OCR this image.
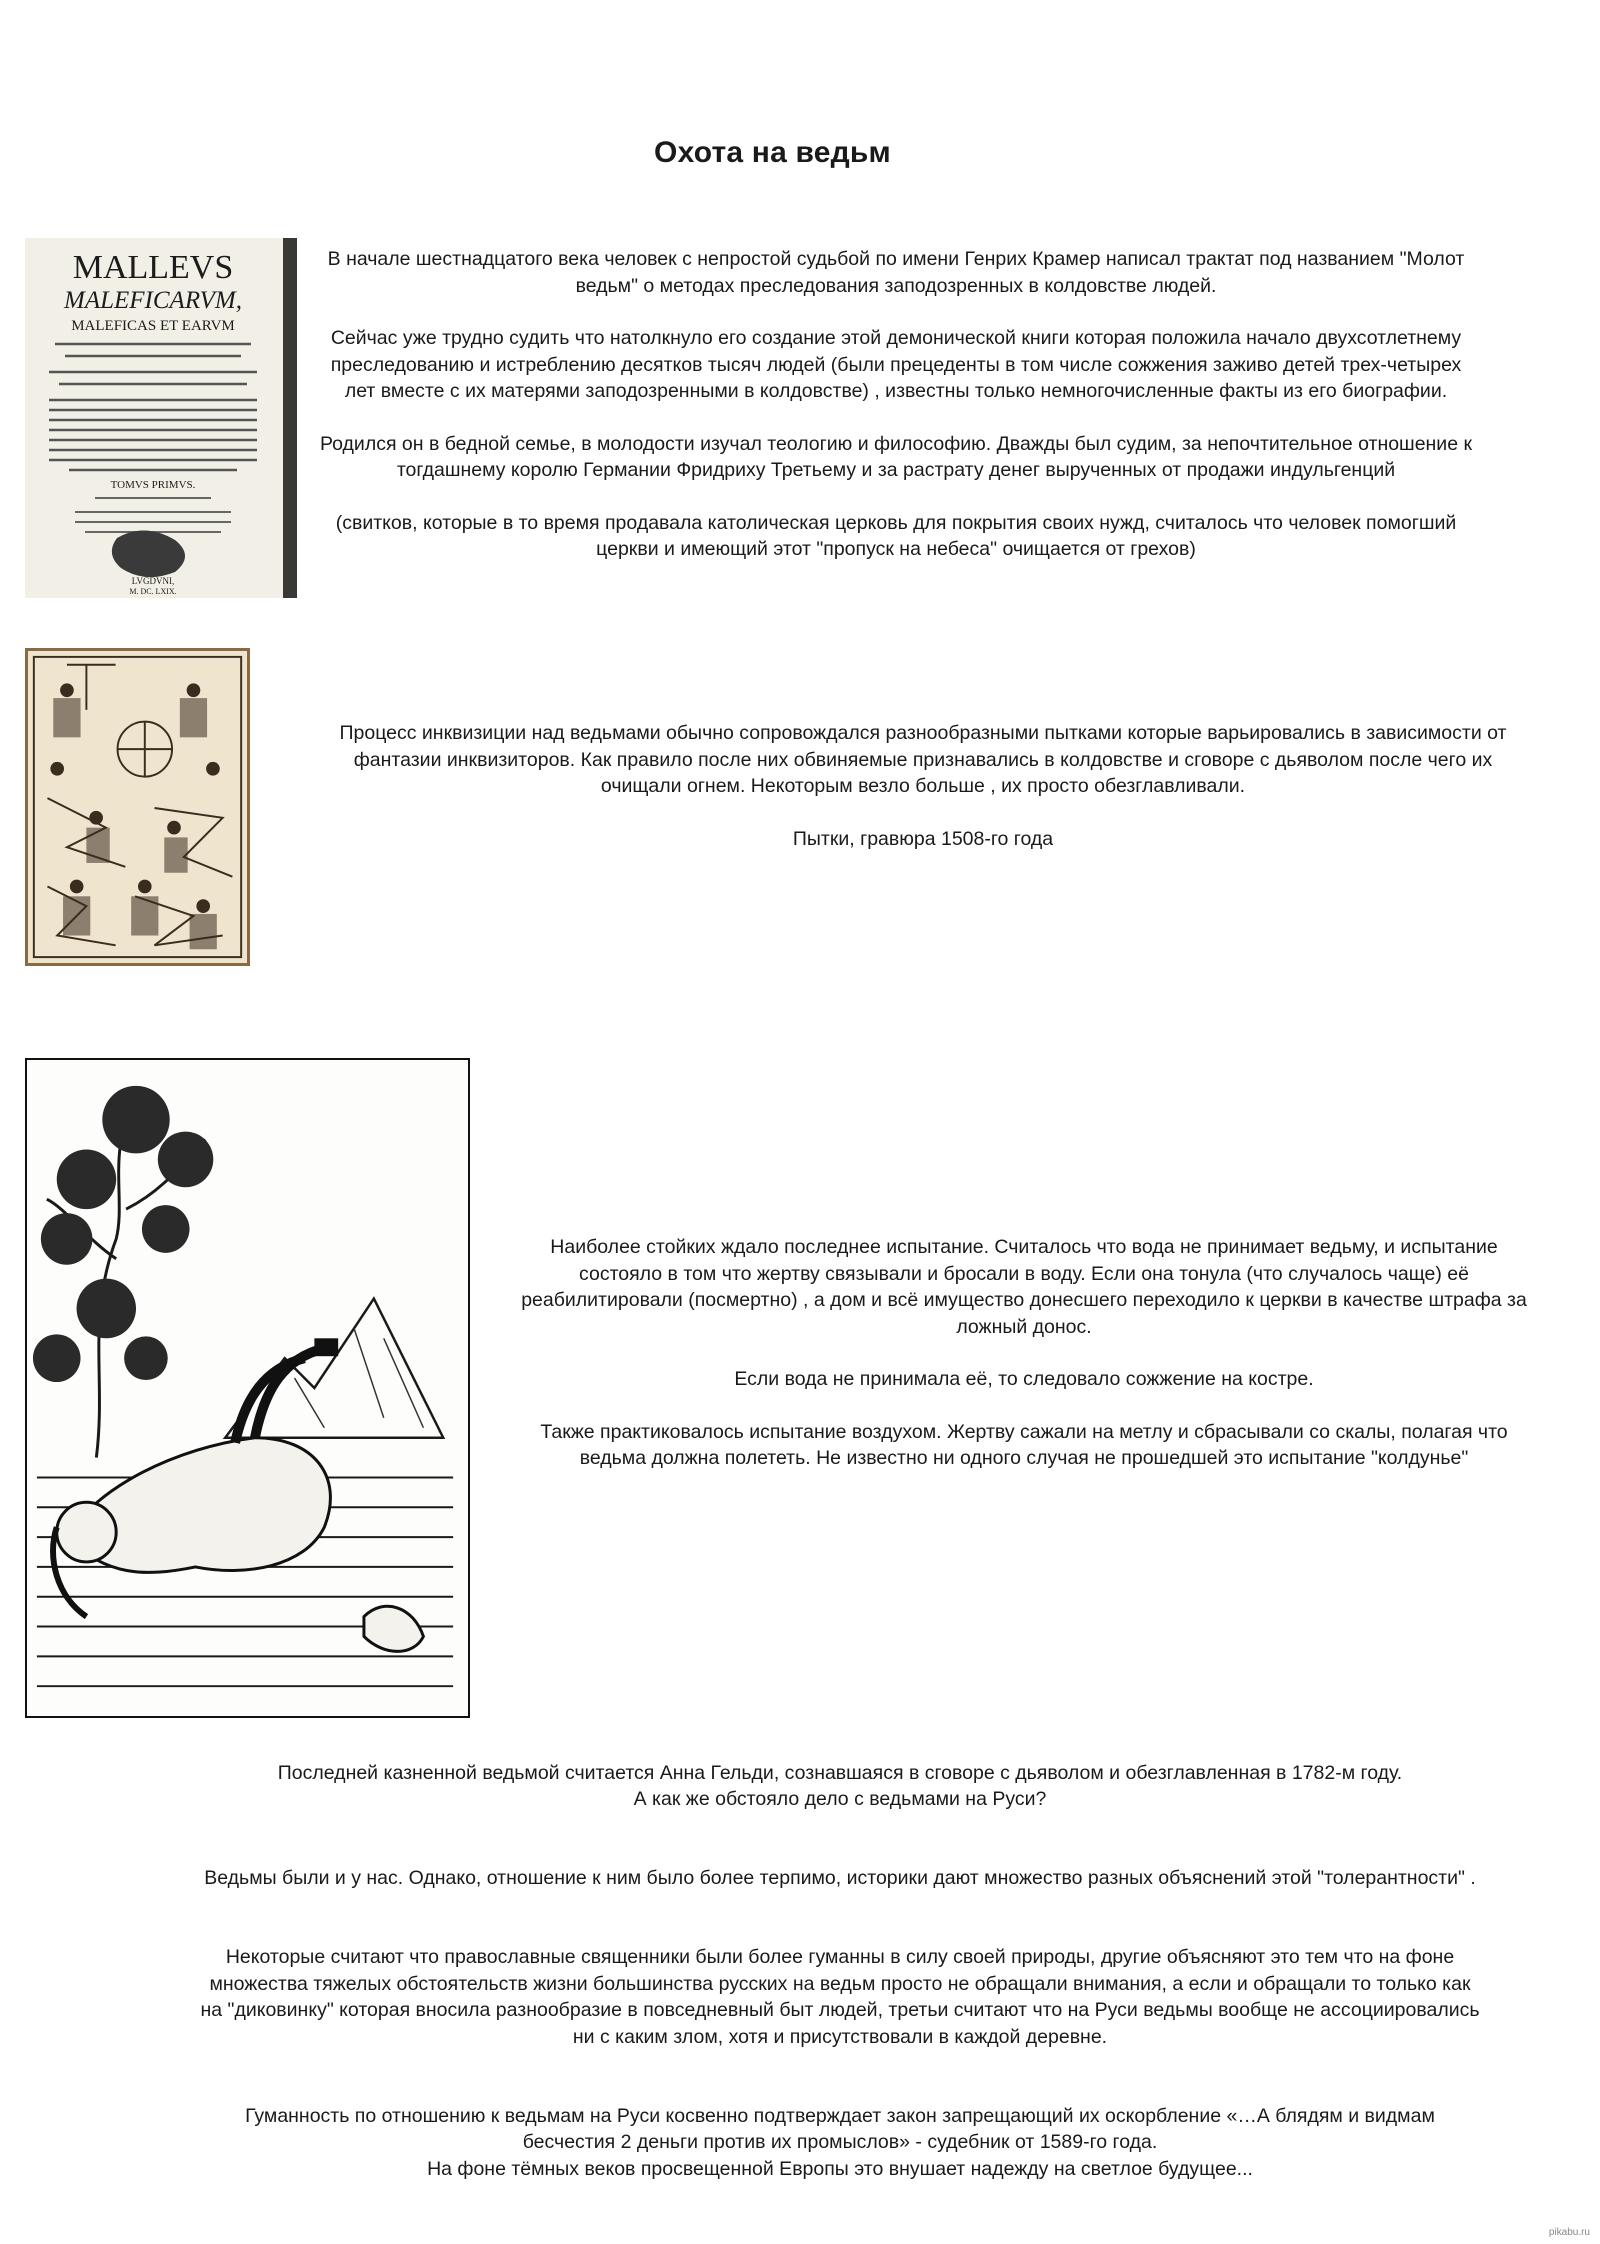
Охота на ведьм
MALLEVS
MALEFICARVM,
MALEFICAS ET EARVM
TOMVS PRIMVS.
LVGDVNI,
M. DC. LXIX.

В начале шестнадцатого века человек с непростой судьбой по имени Генрих Крамер написал трактат под названием "Молот ведьм" о методах преследования заподозренных в колдовстве людей.

Сейчас уже трудно судить что натолкнуло его создание этой демонической книги которая положила начало двухсотлетнему преследованию и истреблению десятков тысяч людей (были прецеденты в том числе сожжения заживо детей трех-четырех лет вместе с их матерями заподозренными в колдовстве) , известны только немногочисленные факты из его биографии.

Родился он в бедной семье, в молодости изучал теологию и философию. Дважды был судим, за непочтительное отношение к тогдашнему королю Германии Фридриху Третьему и за растрату денег вырученных от продажи индульгенций

(свитков, которые в то время продавала католическая церковь для покрытия своих нужд, считалось что человек помогший церкви и имеющий этот "пропуск на небеса" очищается от грехов)

Процесс инквизиции над ведьмами обычно сопровождался разнообразными пытками которые варьировались в зависимости от фантазии инквизиторов. Как правило после них обвиняемые признавались в колдовстве и сговоре с дьяволом после чего их очищали огнем. Некоторым везло больше , их просто обезглавливали.

Пытки, гравюра 1508-го года

Наиболее стойких ждало последнее испытание. Считалось что вода не принимает ведьму, и испытание состояло в том что жертву связывали и бросали в воду. Если она тонула (что случалось чаще) её реабилитировали (посмертно) , а дом и всё имущество донесшего переходило к церкви в качестве штрафа за ложный донос.

Если вода не принимала её, то следовало сожжение на костре.

Также практиковалось испытание воздухом. Жертву сажали на метлу и сбрасывали со скалы, полагая что ведьма должна полететь. Не известно ни одного случая не прошедшей это испытание "колдунье"

Последней казненной ведьмой считается Анна Гельди, сознавшаяся в сговоре с дьяволом и обезглавленная в 1782-м году.
А как же обстояло дело с ведьмами на Руси?

Ведьмы были и у нас. Однако, отношение к ним было более терпимо, историки дают множество разных объяснений этой "толерантности" .

Некоторые считают что православные священники были более гуманны в силу своей природы, другие объясняют это тем что на фоне множества тяжелых обстоятельств жизни большинства русских на ведьм просто не обращали внимания, а если и обращали то только как на "диковинку" которая вносила разнообразие в повседневный быт людей, третьи считают что на Руси ведьмы вообще не ассоциировались ни с каким злом, хотя и присутствовали в каждой деревне.

Гуманность по отношению к ведьмам на Руси косвенно подтверждает закон запрещающий их оскорбление «…А блядям и видмам бесчестия 2 деньги против их промыслов» - судебник от 1589-го года.
На фоне тёмных веков просвещенной Европы это внушает надежду на светлое будущее...

pikabu.ru
